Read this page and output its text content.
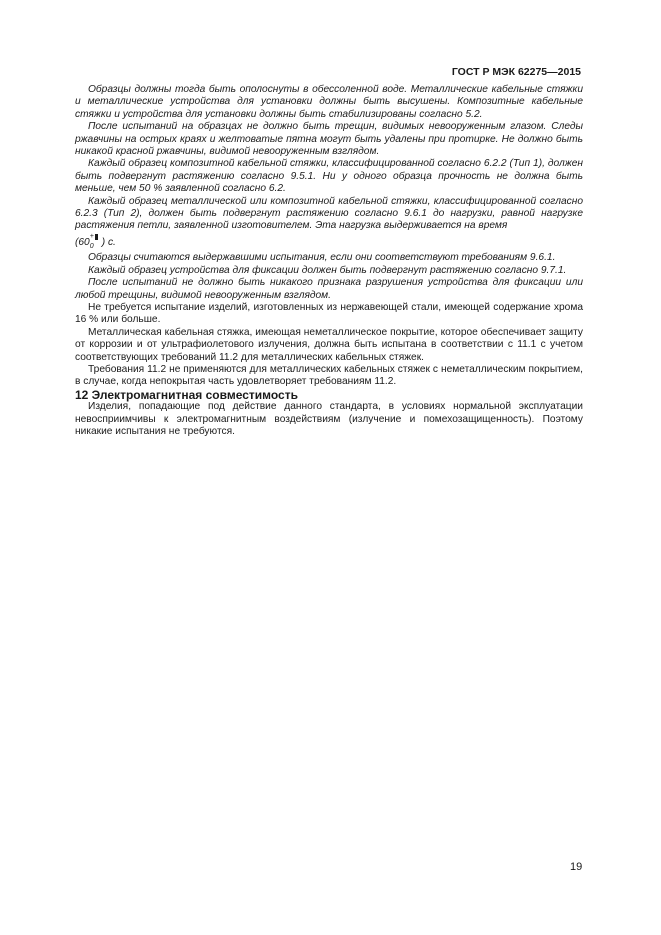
ГОСТ Р МЭК 62275—2015

Образцы должны тогда быть ополоснуты в обессоленной воде. Металлические кабельные стяжки и металлические устройства для установки должны быть высушены. Композитные кабельные стяжки и устройства для установки должны быть стабилизированы согласно 5.2.

После испытаний на образцах не должно быть трещин, видимых невооруженным глазом. Следы ржавчины на острых краях и желтоватые пятна могут быть удалены при протирке. Не должно быть никакой красной ржавчины, видимой невооруженным взглядом.

Каждый образец композитной кабельной стяжки, классифицированной согласно 6.2.2 (Тип 1), должен быть подвергнут растяжению согласно 9.5.1. Ни у одного образца прочность не должна быть меньше, чем 50 % заявленной согласно 6.2.

Каждый образец металлической или композитной кабельной стяжки, классифицированной согласно 6.2.3 (Тип 2), должен быть подвергнут растяжению согласно 9.6.1 до нагрузки, равной нагрузке растяжения петли, заявленной изготовителем. Эта нагрузка выдерживается на время

(60
+
0 ) с.

Образцы считаются выдержавшими испытания, если они соответствуют требованиям 9.6.1.

Каждый образец устройства для фиксации должен быть подвергнут растяжению согласно 9.7.1.

После испытаний не должно быть никакого признака разрушения устройства для фиксации или любой трещины, видимой невооруженным взглядом.

Не требуется испытание изделий, изготовленных из нержавеющей стали, имеющей содержание хрома 16 % или больше.

Металлическая кабельная стяжка, имеющая неметаллическое покрытие, которое обеспечивает защиту от коррозии и от ультрафиолетового излучения, должна быть испытана в соответствии с 11.1 с учетом соответствующих требований 11.2 для металлических кабельных стяжек.

Требования 11.2 не применяются для металлических кабельных стяжек с неметаллическим покрытием, в случае, когда непокрытая часть удовлетворяет требованиям 11.2.

12 Электромагнитная совместимость

Изделия, попадающие под действие данного стандарта, в условиях нормальной эксплуатации невосприимчивы к электромагнитным воздействиям (излучение и помехозащищенность). Поэтому никакие испытания не требуются.

19
